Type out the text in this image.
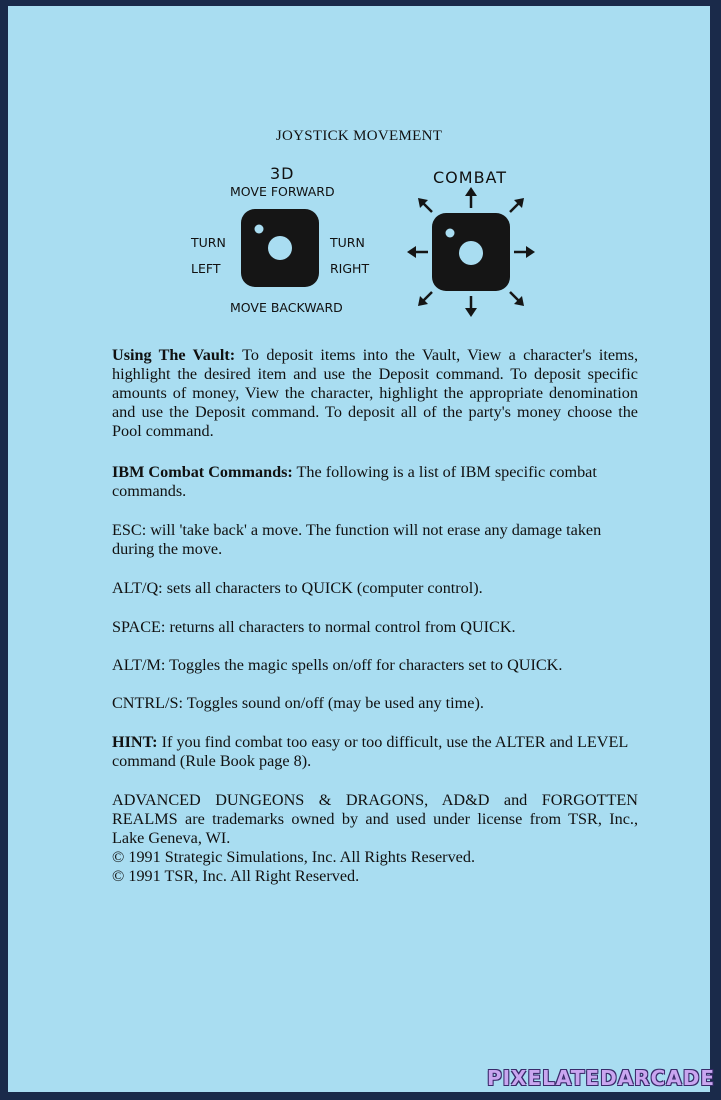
JOYSTICK MOVEMENT
3D
MOVE FORWARD
TURN
LEFT
TURN
RIGHT
MOVE BACKWARD
COMBAT

Using The Vault: To deposit items into the Vault, View a character's items, highlight the desired item and use the Deposit command. To deposit specific amounts of money, View the character, highlight the appropriate denomination and use the Deposit command. To deposit all of the party's money choose the Pool command.

IBM Combat Commands: The following is a list of IBM specific combat commands.

ESC: will 'take back' a move. The function will not erase any damage taken during the move.

ALT/Q: sets all characters to QUICK (computer control).

SPACE: returns all characters to normal control from QUICK.

ALT/M: Toggles the magic spells on/off for characters set to QUICK.

CNTRL/S: Toggles sound on/off (may be used any time).

HINT: If you find combat too easy or too difficult, use the ALTER and LEVEL command (Rule Book page 8).

ADVANCED DUNGEONS & DRAGONS, AD&D and FORGOTTEN REALMS are trademarks owned by and used under license from TSR, Inc., Lake Geneva, WI.

© 1991 Strategic Simulations, Inc. All Rights Reserved.

© 1991 TSR, Inc. All Right Reserved.

PIXELATEDARCADE
